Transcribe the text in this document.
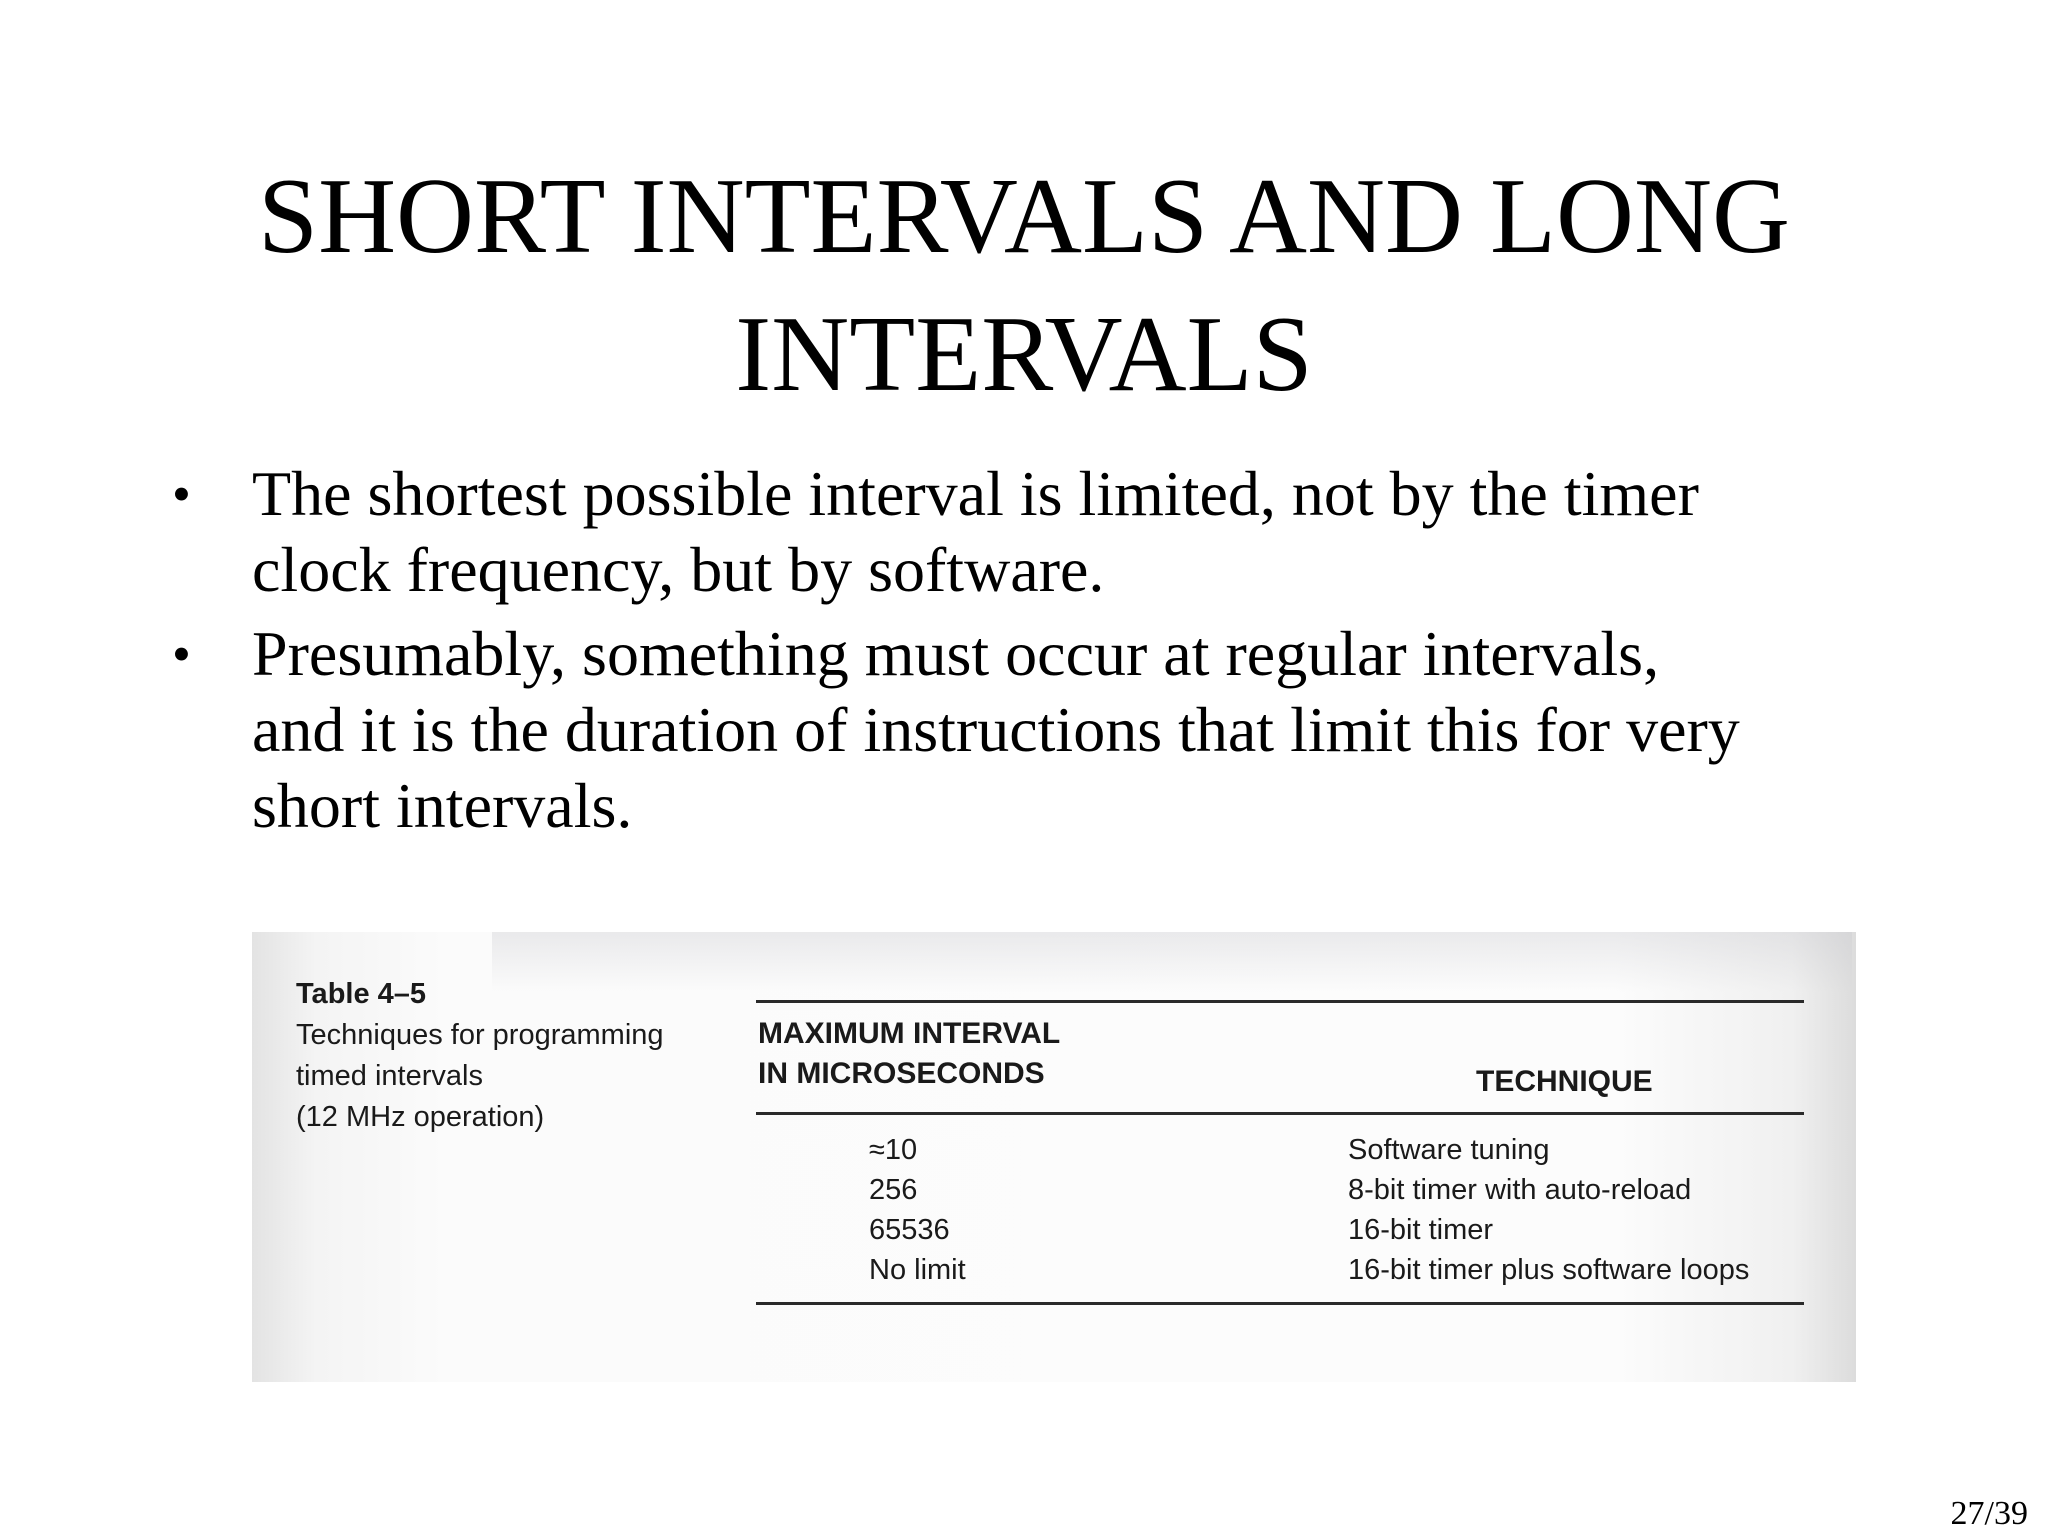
SHORT INTERVALS AND LONG
INTERVALS
• The shortest possible interval is limited, not by the timer
clock frequency, but by software.
• Presumably, something must occur at regular intervals,
and it is the duration of instructions that limit this for very
short intervals.
Table 4–5
Techniques for programming
timed intervals
(12 MHz operation)
MAXIMUM INTERVAL
IN MICROSECONDS	TECHNIQUE
≈10	Software tuning
256	8-bit timer with auto-reload
65536	16-bit timer
No limit	16-bit timer plus software loops
27/39
